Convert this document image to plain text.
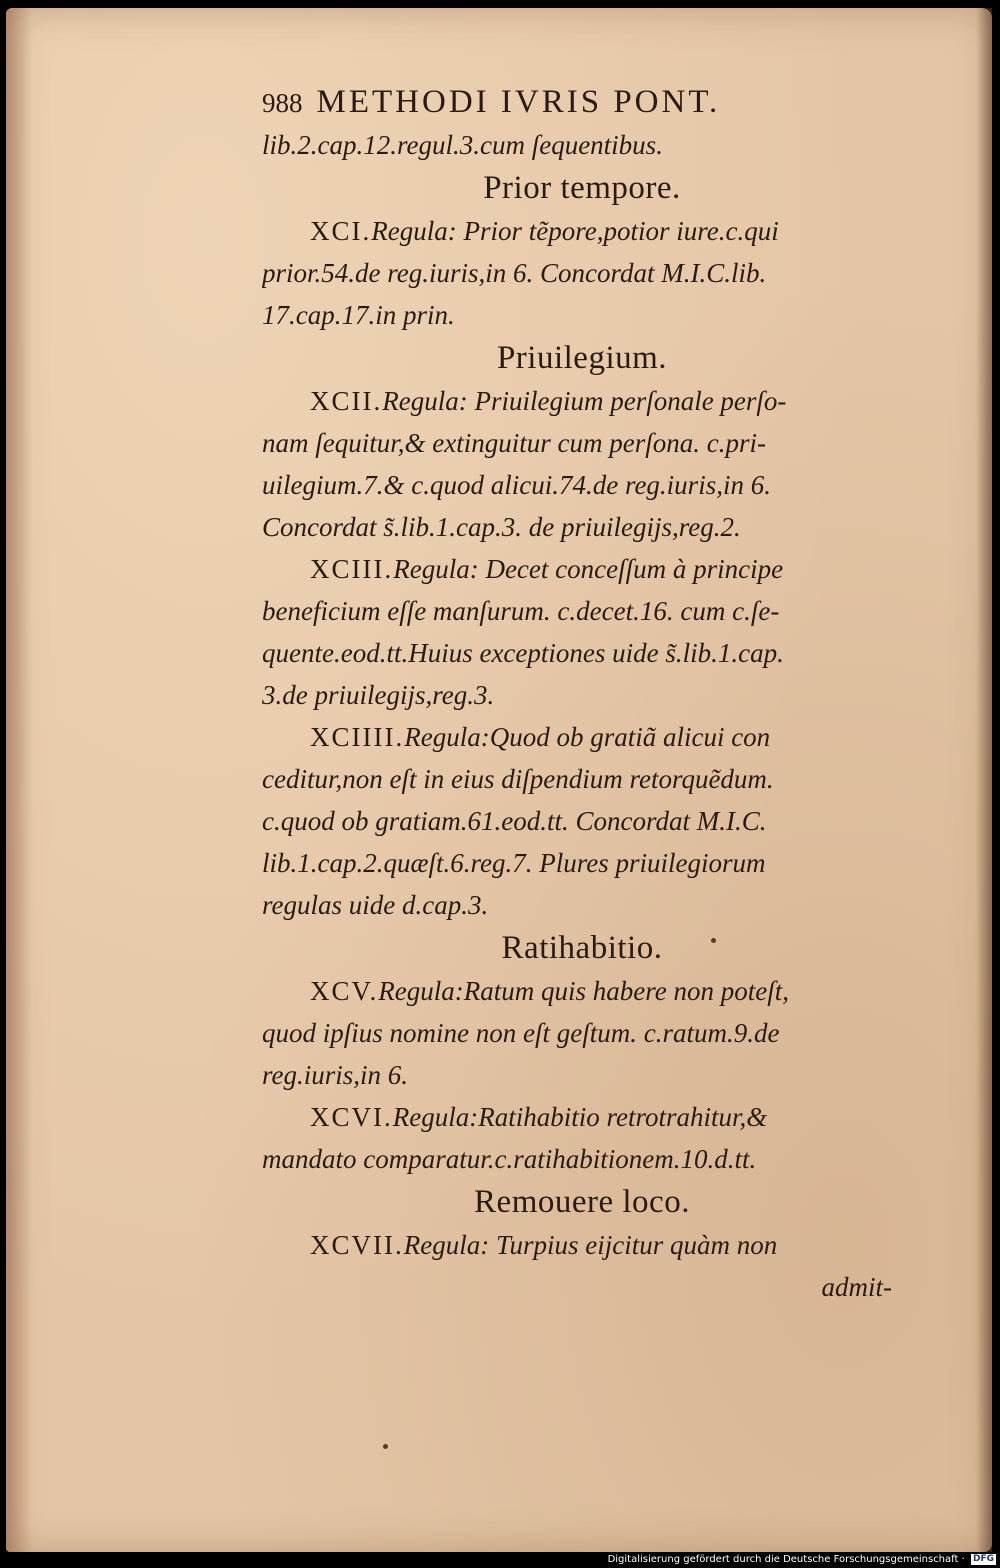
988 METHODI IVRIS PONT.
lib.2.cap.12.regul.3.cum ſequentibus.
Prior tempore.
XCI.Regula: Prior tẽpore,potior iure.c.qui
prior.54.de reg.iuris,in 6. Concordat M.I.C.lib.
17.cap.17.in prin.
Priuilegium.
XCII.Regula: Priuilegium perſonale perſo-
nam ſequitur,& extinguitur cum perſona. c.pri-
uilegium.7.& c.quod alicui.74.de reg.iuris,in 6.
Concordat s̃.lib.1.cap.3. de priuilegijs,reg.2.
XCIII.Regula: Decet conceſſum à principe
beneficium eſſe manſurum. c.decet.16. cum c.ſe-
quente.eod.tt.Huius exceptiones uide s̃.lib.1.cap.
3.de priuilegijs,reg.3.
XCIIII.Regula:Quod ob gratiã alicui con
ceditur,non eſt in eius diſpendium retorquẽdum.
c.quod ob gratiam.61.eod.tt. Concordat M.I.C.
lib.1.cap.2.quæſt.6.reg.7. Plures priuilegiorum
regulas uide d.cap.3.
Ratihabitio.
XCV.Regula:Ratum quis habere non poteſt,
quod ipſius nomine non eſt geſtum. c.ratum.9.de
reg.iuris,in 6.
XCVI.Regula:Ratihabitio retrotrahitur,&
mandato comparatur.c.ratihabitionem.10.d.tt.
Remouere loco.
XCVII.Regula: Turpius eijcitur quàm non
admit-
Digitalisierung gefördert durch die Deutsche Forschungsgemeinschaft · DFG
